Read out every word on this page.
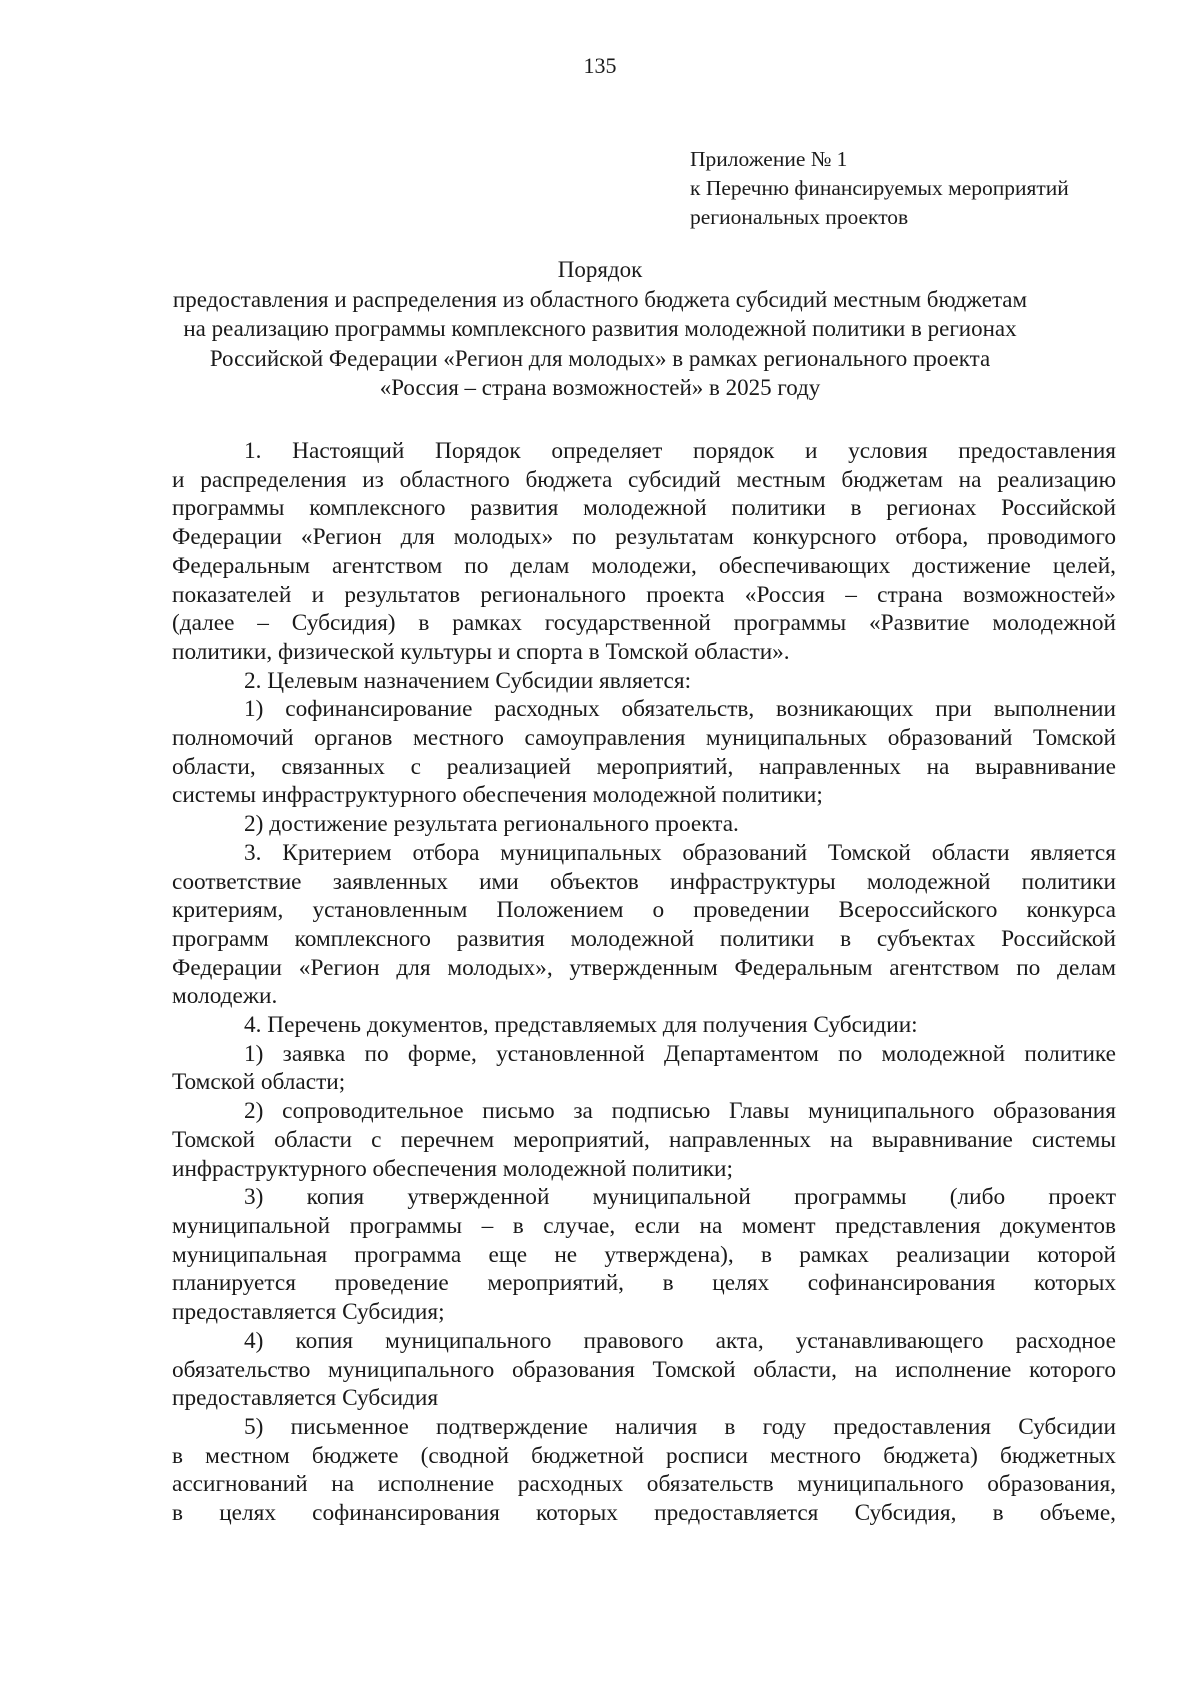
135
Приложение № 1
к Перечню финансируемых мероприятий
региональных проектов
Порядок
предоставления и распределения из областного бюджета субсидий местным бюджетам
на реализацию программы комплексного развития молодежной политики в регионах
Российской Федерации «Регион для молодых» в рамках регионального проекта
«Россия – страна возможностей» в 2025 году
1. Настоящий Порядок определяет порядок и условия предоставления
и распределения из областного бюджета субсидий местным бюджетам на реализацию
программы комплексного развития молодежной политики в регионах Российской
Федерации «Регион для молодых» по результатам конкурсного отбора, проводимого
Федеральным агентством по делам молодежи, обеспечивающих достижение целей,
показателей и результатов регионального проекта «Россия – страна возможностей»
(далее – Субсидия) в рамках государственной программы «Развитие молодежной
политики, физической культуры и спорта в Томской области».
2. Целевым назначением Субсидии является:
1) софинансирование расходных обязательств, возникающих при выполнении
полномочий органов местного самоуправления муниципальных образований Томской
области, связанных с реализацией мероприятий, направленных на выравнивание
системы инфраструктурного обеспечения молодежной политики;
2) достижение результата регионального проекта.
3. Критерием отбора муниципальных образований Томской области является
соответствие заявленных ими объектов инфраструктуры молодежной политики
критериям, установленным Положением о проведении Всероссийского конкурса
программ комплексного развития молодежной политики в субъектах Российской
Федерации «Регион для молодых», утвержденным Федеральным агентством по делам
молодежи.
4. Перечень документов, представляемых для получения Субсидии:
1) заявка по форме, установленной Департаментом по молодежной политике
Томской области;
2) сопроводительное письмо за подписью Главы муниципального образования
Томской области с перечнем мероприятий, направленных на выравнивание системы
инфраструктурного обеспечения молодежной политики;
3) копия утвержденной муниципальной программы (либо проект
муниципальной программы – в случае, если на момент представления документов
муниципальная программа еще не утверждена), в рамках реализации которой
планируется проведение мероприятий, в целях софинансирования которых
предоставляется Субсидия;
4) копия муниципального правового акта, устанавливающего расходное
обязательство муниципального образования Томской области, на исполнение которого
предоставляется Субсидия
5) письменное подтверждение наличия в году предоставления Субсидии
в местном бюджете (сводной бюджетной росписи местного бюджета) бюджетных
ассигнований на исполнение расходных обязательств муниципального образования,
в целях софинансирования которых предоставляется Субсидия, в объеме,
